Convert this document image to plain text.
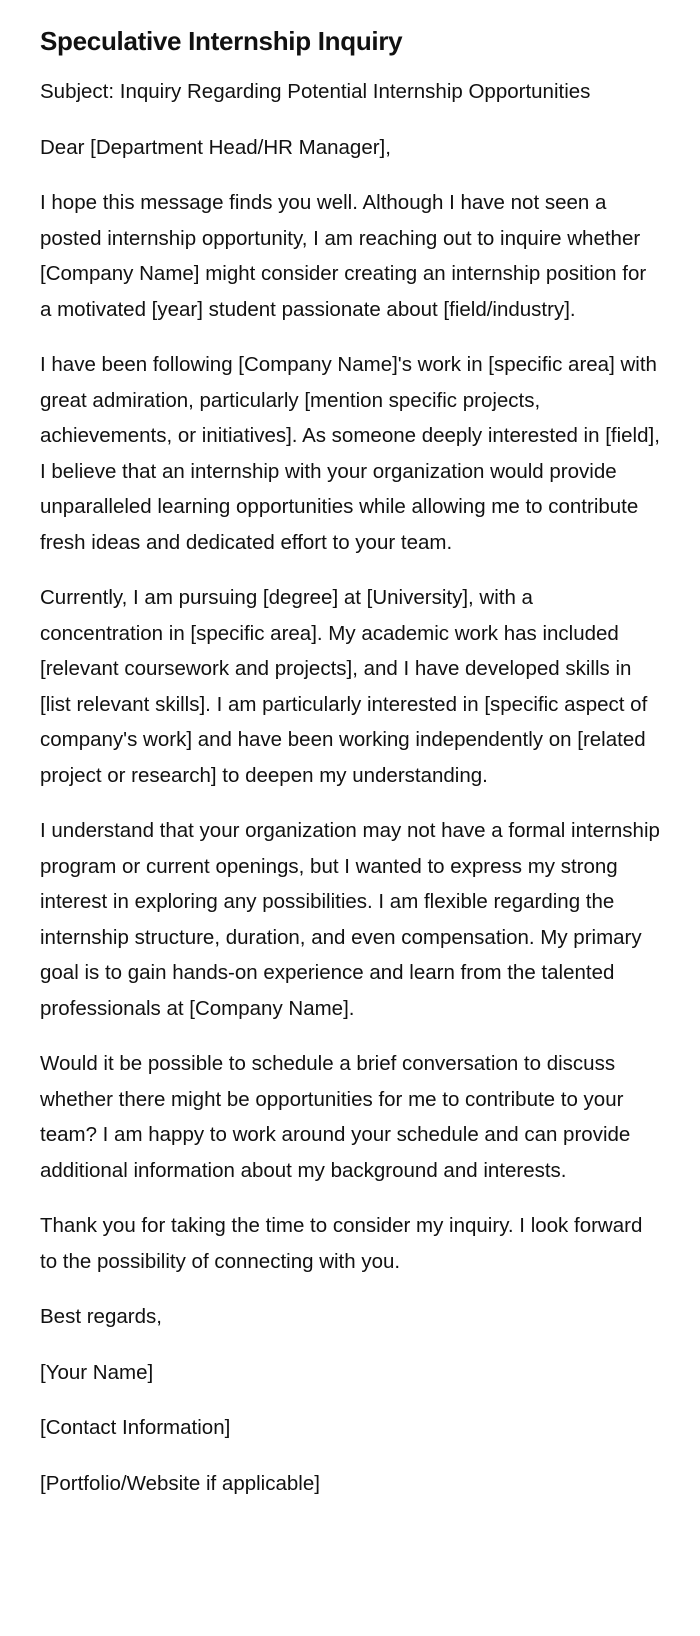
Speculative Internship Inquiry

Subject: Inquiry Regarding Potential Internship Opportunities

Dear [Department Head/HR Manager],

I hope this message finds you well. Although I have not seen a posted internship opportunity, I am reaching out to inquire whether [Company Name] might consider creating an internship position for a motivated [year] student passionate about [field/industry].

I have been following [Company Name]'s work in [specific area] with great admiration, particularly [mention specific projects, achievements, or initiatives]. As someone deeply interested in [field], I believe that an internship with your organization would provide unparalleled learning opportunities while allowing me to contribute fresh ideas and dedicated effort to your team.

Currently, I am pursuing [degree] at [University], with a concentration in [specific area]. My academic work has included [relevant coursework and projects], and I have developed skills in [list relevant skills]. I am particularly interested in [specific aspect of company's work] and have been working independently on [related project or research] to deepen my understanding.

I understand that your organization may not have a formal internship program or current openings, but I wanted to express my strong interest in exploring any possibilities. I am flexible regarding the internship structure, duration, and even compensation. My primary goal is to gain hands-on experience and learn from the talented professionals at [Company Name].

Would it be possible to schedule a brief conversation to discuss whether there might be opportunities for me to contribute to your team? I am happy to work around your schedule and can provide additional information about my background and interests.

Thank you for taking the time to consider my inquiry. I look forward to the possibility of connecting with you.

Best regards,

[Your Name]

[Contact Information]

[Portfolio/Website if applicable]
